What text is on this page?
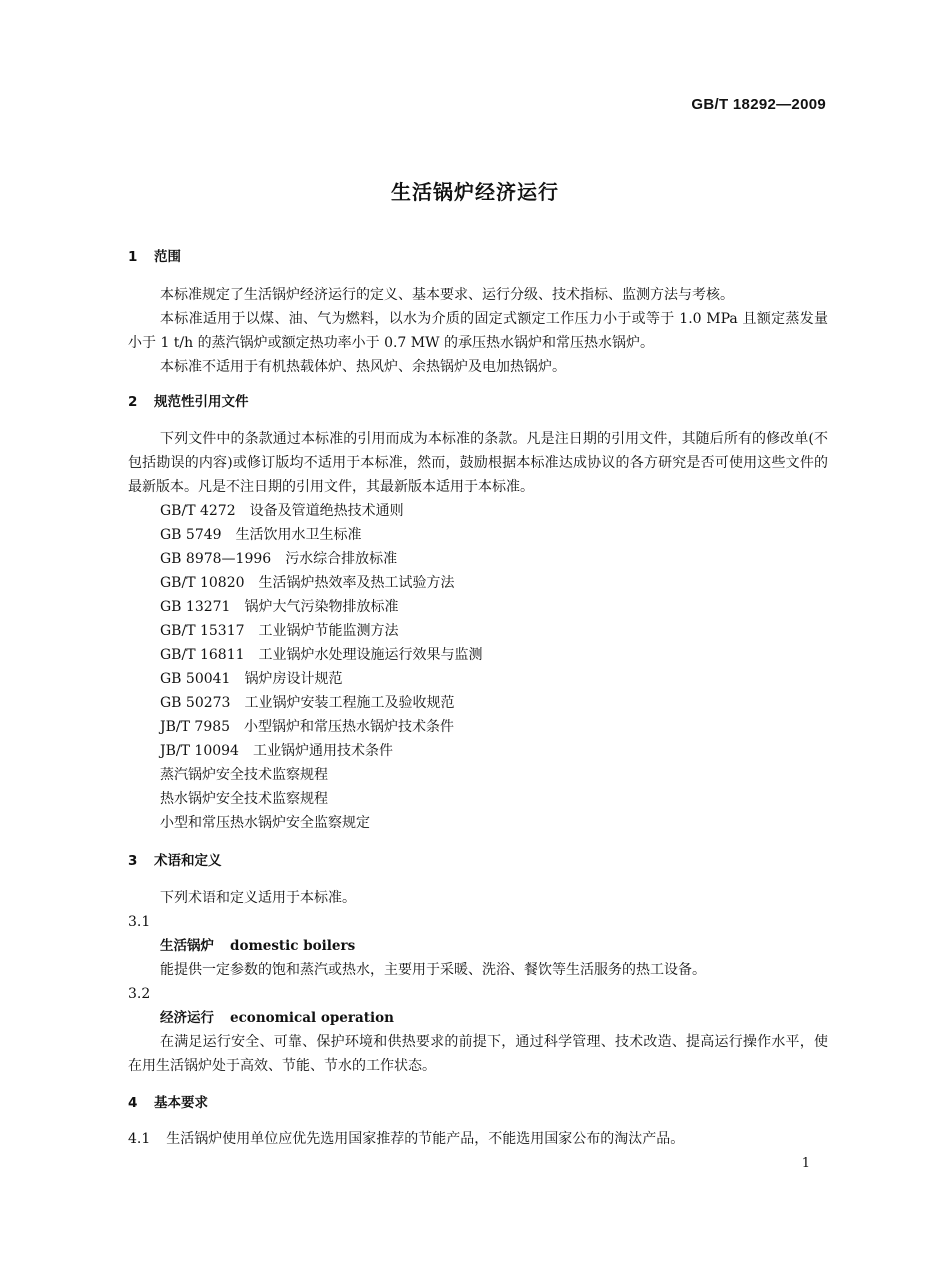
GB/T 18292—2009
生活锅炉经济运行
1 范围
本标准规定了生活锅炉经济运行的定义、基本要求、运行分级、技术指标、监测方法与考核。
本标准适用于以煤、油、气为燃料，以水为介质的固定式额定工作压力小于或等于 1.0 MPa 且额定蒸发量小于 1 t/h 的蒸汽锅炉或额定热功率小于 0.7 MW 的承压热水锅炉和常压热水锅炉。
本标准不适用于有机热载体炉、热风炉、余热锅炉及电加热锅炉。
2 规范性引用文件
下列文件中的条款通过本标准的引用而成为本标准的条款。凡是注日期的引用文件，其随后所有的修改单(不包括勘误的内容)或修订版均不适用于本标准，然而，鼓励根据本标准达成协议的各方研究是否可使用这些文件的最新版本。凡是不注日期的引用文件，其最新版本适用于本标准。
GB/T 4272 设备及管道绝热技术通则
GB 5749 生活饮用水卫生标准
GB 8978—1996 污水综合排放标准
GB/T 10820 生活锅炉热效率及热工试验方法
GB 13271 锅炉大气污染物排放标准
GB/T 15317 工业锅炉节能监测方法
GB/T 16811 工业锅炉水处理设施运行效果与监测
GB 50041 锅炉房设计规范
GB 50273 工业锅炉安装工程施工及验收规范
JB/T 7985 小型锅炉和常压热水锅炉技术条件
JB/T 10094 工业锅炉通用技术条件
蒸汽锅炉安全技术监察规程
热水锅炉安全技术监察规程
小型和常压热水锅炉安全监察规定
3 术语和定义
下列术语和定义适用于本标准。
3.1
生活锅炉 domestic boilers
能提供一定参数的饱和蒸汽或热水，主要用于采暖、洗浴、餐饮等生活服务的热工设备。
3.2
经济运行 economical operation
在满足运行安全、可靠、保护环境和供热要求的前提下，通过科学管理、技术改造、提高运行操作水平，使在用生活锅炉处于高效、节能、节水的工作状态。
4 基本要求
4.1 生活锅炉使用单位应优先选用国家推荐的节能产品，不能选用国家公布的淘汰产品。
1
